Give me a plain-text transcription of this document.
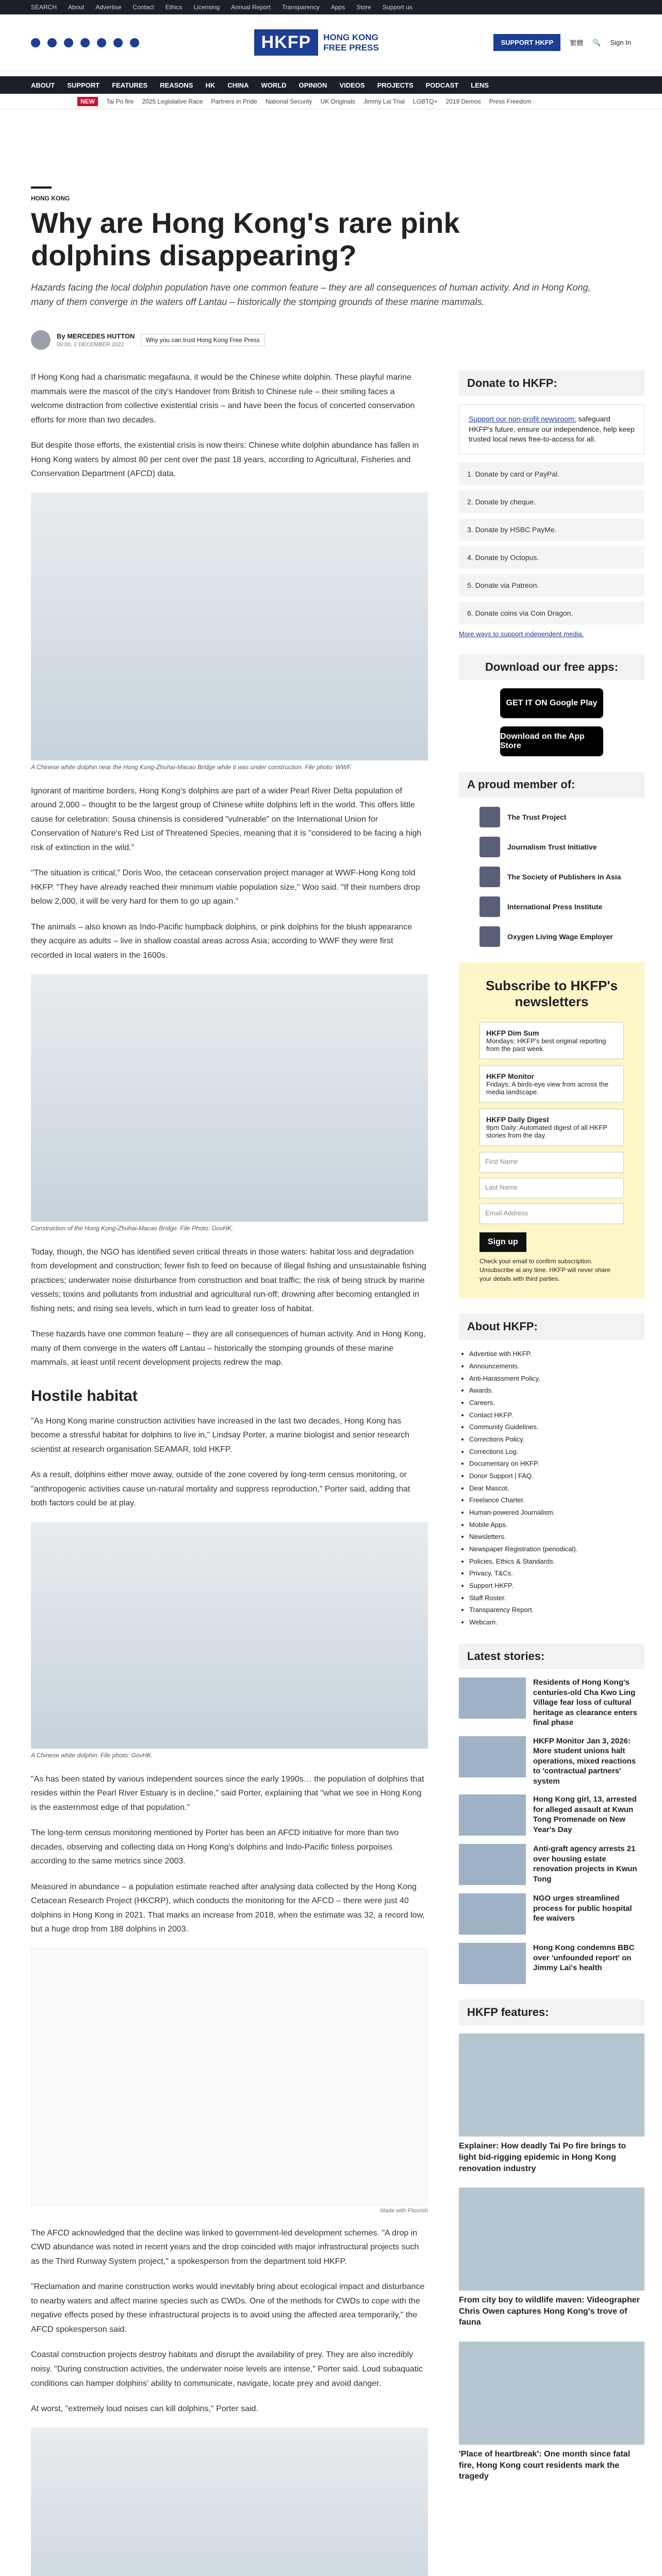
SEARCH About Advertise Contact Ethics Licensing Annual Report Transparency Apps Store Support us
HKFP	HONG KONG
FREE PRESS	SUPPORT HKFP	繁體 🔍 Sign In
ABOUT SUPPORT FEATURES REASONS HK CHINA WORLD OPINION VIDEOS PROJECTS PODCAST LENS
NEW	Tai Po fire 2025 Legislative Race Partners in Pride National Security UK Originals Jimmy Lai Trial LGBTQ+ 2019 Demos Press Freedom
HONG KONG
Why are Hong Kong's rare pink dolphins disappearing?
Hazards facing the local dolphin population have one common feature – they are all consequences of human activity. And in Hong Kong, many of them converge in the waters off Lantau – historically the stomping grounds of these marine mammals.
By MERCEDES HUTTON
09:00, 2 DECEMBER 2022
Why you can trust Hong Kong Free Press

If Hong Kong had a charismatic megafauna, it would be the Chinese white dolphin. These playful marine mammals were the mascot of the city's Handover from British to Chinese rule – their smiling faces a welcome distraction from collective existential crisis – and have been the focus of concerted conservation efforts for more than two decades.

But despite those efforts, the existential crisis is now theirs: Chinese white dolphin abundance has fallen in Hong Kong waters by almost 80 per cent over the past 18 years, according to Agricultural, Fisheries and Conservation Department (AFCD) data.

A Chinese white dolphin near the Hong Kong-Zhuhai-Macao Bridge while it was under construction. File photo: WWF.

Ignorant of maritime borders, Hong Kong's dolphins are part of a wider Pearl River Delta population of around 2,000 – thought to be the largest group of Chinese white dolphins left in the world. This offers little cause for celebration: Sousa chinensis is considered "vulnerable" on the International Union for Conservation of Nature's Red List of Threatened Species, meaning that it is "considered to be facing a high risk of extinction in the wild."

"The situation is critical," Doris Woo, the cetacean conservation project manager at WWF-Hong Kong told HKFP. "They have already reached their minimum viable population size," Woo said. "If their numbers drop below 2,000, it will be very hard for them to go up again."

The animals – also known as Indo-Pacific humpback dolphins, or pink dolphins for the blush appearance they acquire as adults – live in shallow coastal areas across Asia; according to WWF they were first recorded in local waters in the 1600s.

Construction of the Hong Kong-Zhuhai-Macao Bridge. File Photo: GovHK.

Today, though, the NGO has identified seven critical threats in those waters: habitat loss and degradation from development and construction; fewer fish to feed on because of illegal fishing and unsustainable fishing practices; underwater noise disturbance from construction and boat traffic; the risk of being struck by marine vessels; toxins and pollutants from industrial and agricultural run-off; drowning after becoming entangled in fishing nets; and rising sea levels, which in turn lead to greater loss of habitat.

These hazards have one common feature – they are all consequences of human activity. And in Hong Kong, many of them converge in the waters off Lantau – historically the stomping grounds of these marine mammals, at least until recent development projects redrew the map.

Hostile habitat

"As Hong Kong marine construction activities have increased in the last two decades, Hong Kong has become a stressful habitat for dolphins to live in," Lindsay Porter, a marine biologist and senior research scientist at research organisation SEAMAR, told HKFP.

As a result, dolphins either move away, outside of the zone covered by long-term census monitoring, or "anthropogenic activities cause un-natural mortality and suppress reproduction," Porter said, adding that both factors could be at play.

A Chinese white dolphin. File photo: GovHK.

"As has been stated by various independent sources since the early 1990s… the population of dolphins that resides within the Pearl River Estuary is in decline," said Porter, explaining that "what we see in Hong Kong is the easternmost edge of that population."

The long-term census monitoring mentioned by Porter has been an AFCD initiative for more than two decades, observing and collecting data on Hong Kong's dolphins and Indo-Pacific finless porpoises according to the same metrics since 2003.

Measured in abundance – a population estimate reached after analysing data collected by the Hong Kong Cetacean Research Project (HKCRP), which conducts the monitoring for the AFCD – there were just 40 dolphins in Hong Kong in 2021. That marks an increase from 2018, when the estimate was 32, a record low, but a huge drop from 188 dolphins in 2003.

Made with Flourish

The AFCD acknowledged that the decline was linked to government-led development schemes. "A drop in CWD abundance was noted in recent years and the drop coincided with major infrastructural projects such as the Third Runway System project," a spokesperson from the department told HKFP.

"Reclamation and marine construction works would inevitably bring about ecological impact and disturbance to nearby waters and affect marine species such as CWDs. One of the methods for CWDs to cope with the negative effects posed by these infrastructural projects is to avoid using the affected area temporarily," the AFCD spokesperson said.

Coastal construction projects destroy habitats and disrupt the availability of prey. They are also incredibly noisy. "During construction activities, the underwater noise levels are intense," Porter said. Loud subaquatic conditions can hamper dolphins' ability to communicate, navigate, locate prey and avoid danger.

At worst, "extremely loud noises can kill dolphins," Porter said.

Donate to HKFP:
Support our non-profit newsroom: safeguard HKFP's future, ensure our independence, help keep trusted local news free-to-access for all.
1. Donate by card or PayPal.
2. Donate by cheque.
3. Donate by HSBC PayMe.
4. Donate by Octopus.
5. Donate via Patreon.
6. Donate coins via Coin Dragon.
More ways to support independent media.
Download our free apps:
GET IT ON Google Play
Download on the App Store
A proud member of:
The Trust Project
Journalism Trust Initiative
The Society of Publishers in Asia
International Press Institute
Oxygen Living Wage Employer
Subscribe to HKFP's newsletters
HKFP Dim Sum
Mondays: HKFP's best original reporting from the past week.
HKFP Monitor
Fridays: A birds-eye view from across the media landscape.
HKFP Daily Digest
9pm Daily: Automated digest of all HKFP stories from the day.
First Name
Last Name
Email Address
Sign up
Check your email to confirm subscription. Unsubscribe at any time. HKFP will never share your details with third parties.
About HKFP:
• Advertise with HKFP.
• Announcements.
• Anti-Harassment Policy.
• Awards.
• Careers.
• Contact HKFP.
• Community Guidelines.
• Corrections Policy.
• Corrections Log.
• Documentary on HKFP.
• Donor Support | FAQ.
• Dear Mascot.
• Freelance Charter.
• Human-powered Journalism.
• Mobile Apps.
• Newsletters.
• Newspaper Registration (periodical).
• Policies, Ethics & Standards.
• Privacy, T&Cs.
• Support HKFP.
• Staff Roster.
• Transparency Report.
• Webcam.
Latest stories:
Residents of Hong Kong's centuries-old Cha Kwo Ling Village fear loss of cultural heritage as clearance enters final phase
HKFP Monitor Jan 3, 2026: More student unions halt operations, mixed reactions to 'contractual partners' system
Hong Kong girl, 13, arrested for alleged assault at Kwun Tong Promenade on New Year's Day
Anti-graft agency arrests 21 over housing estate renovation projects in Kwun Tong
NGO urges streamlined process for public hospital fee waivers
Hong Kong condemns BBC over 'unfounded report' on Jimmy Lai's health
HKFP features:
Explainer: How deadly Tai Po fire brings to light bid-rigging epidemic in Hong Kong renovation industry
From city boy to wildlife maven: Videographer Chris Owen captures Hong Kong's trove of fauna
'Place of heartbreak': One month since fatal fire, Hong Kong court residents mark the tragedy
